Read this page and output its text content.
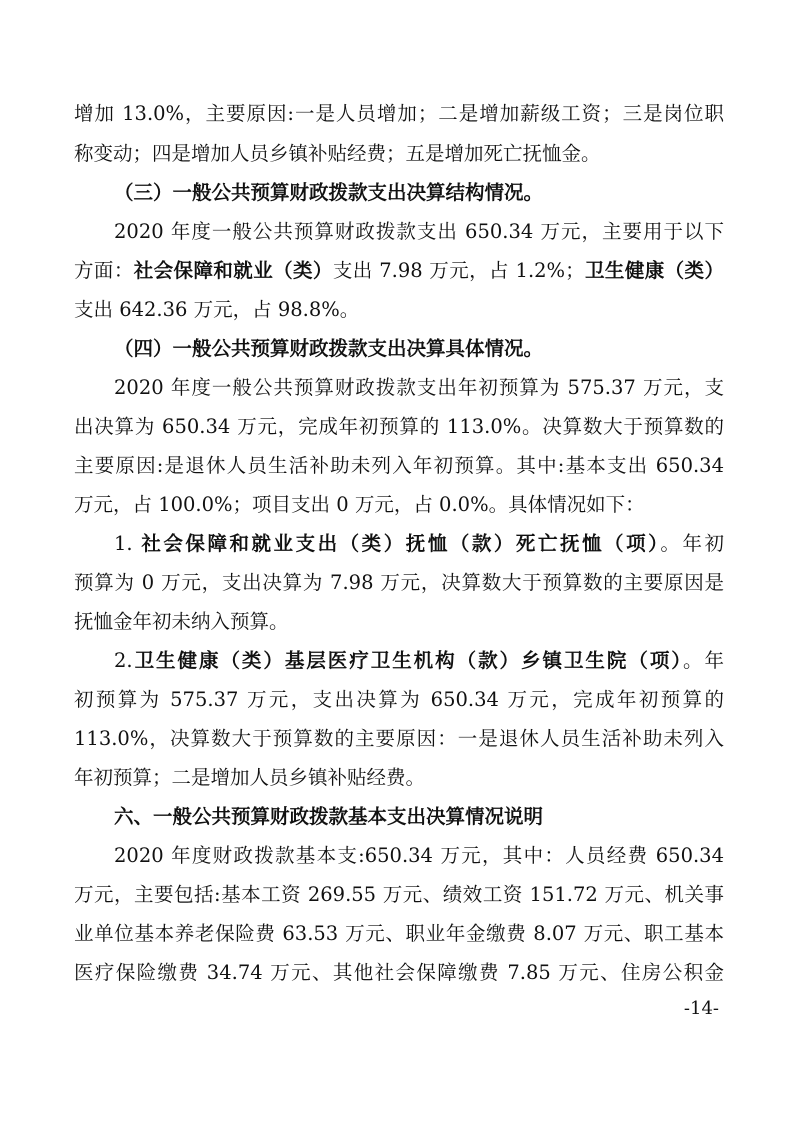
增加 13.0%，主要原因:一是人员增加；二是增加薪级工资；三是岗位职
称变动；四是增加人员乡镇补贴经费；五是增加死亡抚恤金。
（三）一般公共预算财政拨款支出决算结构情况。
2020 年度一般公共预算财政拨款支出 650.34 万元，主要用于以下
方面：社会保障和就业（类）支出 7.98 万元，占 1.2%；卫生健康（类）
支出 642.36 万元，占 98.8%。
（四）一般公共预算财政拨款支出决算具体情况。
2020 年度一般公共预算财政拨款支出年初预算为 575.37 万元，支
出决算为 650.34 万元，完成年初预算的 113.0%。决算数大于预算数的
主要原因:是退休人员生活补助未列入年初预算。其中:基本支出 650.34
万元，占 100.0%；项目支出 0 万元，占 0.0%。具体情况如下：
1. 社会保障和就业支出（类）抚恤（款）死亡抚恤（项）。年初
预算为 0 万元，支出决算为 7.98 万元，决算数大于预算数的主要原因是
抚恤金年初未纳入预算。
2.卫生健康（类）基层医疗卫生机构（款）乡镇卫生院（项）。年
初预算为 575.37 万元，支出决算为 650.34 万元，完成年初预算的
113.0%，决算数大于预算数的主要原因：一是退休人员生活补助未列入
年初预算；二是增加人员乡镇补贴经费。
六、一般公共预算财政拨款基本支出决算情况说明
2020 年度财政拨款基本支:650.34 万元，其中：人员经费 650.34
万元，主要包括:基本工资 269.55 万元、绩效工资 151.72 万元、机关事
业单位基本养老保险费 63.53 万元、职业年金缴费 8.07 万元、职工基本
医疗保险缴费 34.74 万元、其他社会保障缴费 7.85 万元、住房公积金
-14-
